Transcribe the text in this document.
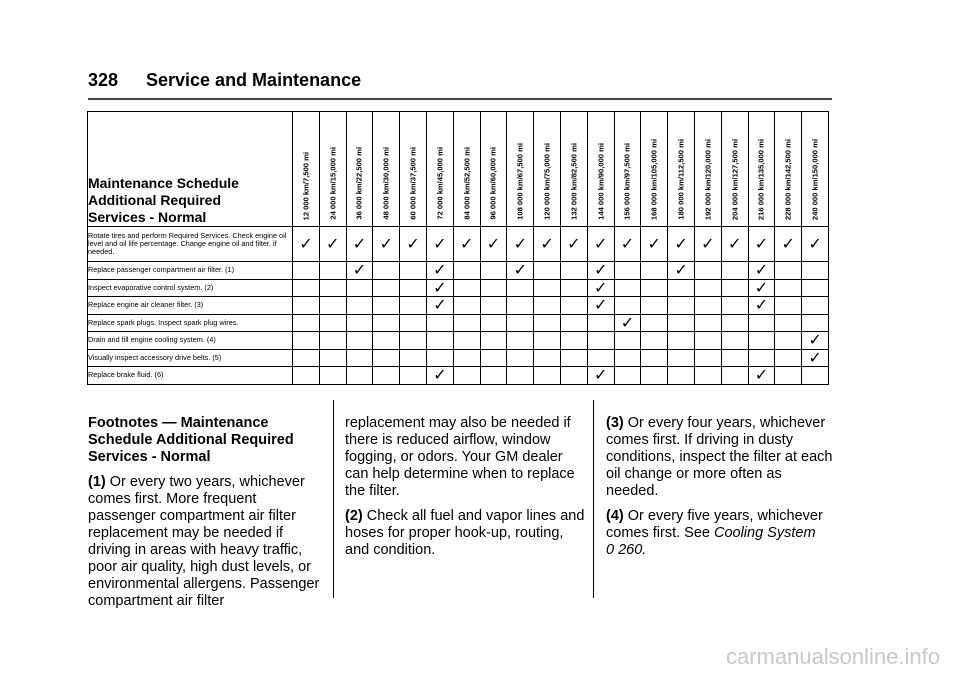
328 Service and Maintenance
Maintenance Schedule
Additional Required
Services - Normal	12 000 km/7,500 mi	24 000 km/15,000 mi	36 000 km/22,500 mi	48 000 km/30,000 mi	60 000 km/37,500 mi	72 000 km/45,000 mi	84 000 km/52,500 mi	96 000 km/60,000 mi	108 000 km/67,500 mi	120 000 km/75,000 mi	132 000 km/82,500 mi	144 000 km/90,000 mi	156 000 km/97,500 mi	168 000 km/105,000 mi	180 000 km/112,500 mi	192 000 km/120,000 mi	204 000 km/127,500 mi	216 000 km/135,000 mi	228 000 km/142,500 mi	240 000 km/150,000 mi

Rotate tires and perform Required Services. Check engine oil level and oil life percentage. Change engine oil and filter, if needed.	✓	✓	✓	✓	✓	✓	✓	✓	✓	✓	✓	✓	✓	✓	✓	✓	✓	✓	✓	✓
Replace passenger compartment air filter. (1)			✓			✓			✓			✓			✓			✓		
Inspect evaporative control system. (2)						✓						✓						✓		
Replace engine air cleaner filter. (3)						✓						✓						✓		
Replace spark plugs. Inspect spark plug wires.													✓							
Drain and fill engine cooling system. (4)																				✓
Visually inspect accessory drive belts. (5)																				✓
Replace brake fluid. (6)						✓						✓						✓		

Footnotes — Maintenance Schedule Additional Required Services - Normal

(1) Or every two years, whichever comes first. More frequent passenger compartment air filter replacement may be needed if driving in areas with heavy traffic, poor air quality, high dust levels, or environmental allergens. Passenger compartment air filter

replacement may also be needed if there is reduced airflow, window fogging, or odors. Your GM dealer can help determine when to replace the filter.

(2) Check all fuel and vapor lines and hoses for proper hook-up, routing, and condition.

(3) Or every four years, whichever comes first. If driving in dusty conditions, inspect the filter at each oil change or more often as needed.

(4) Or every five years, whichever comes first. See Cooling System
0 260.

carmanualsonline.info
